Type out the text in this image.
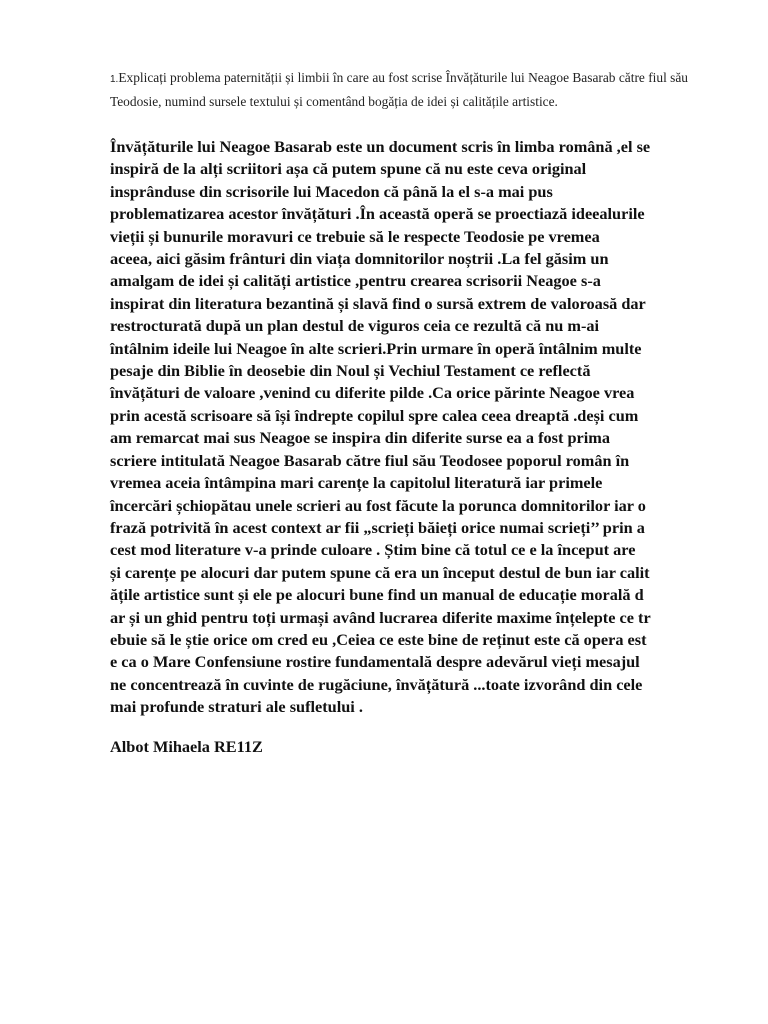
1.Explicați problema paternității și limbii în care au fost scrise Învățăturile lui Neagoe Basarab către fiul său Teodosie, numind sursele textului și comentând bogăția de idei și calitățile artistice.

Învățăturile lui Neagoe Basarab este un document scris în limba română ,el se
inspiră de la alți scriitori așa că putem spune că nu este ceva original
insprânduse din scrisorile lui Macedon că până la el s-a mai pus
problematizarea acestor învățături .În această operă se proectiază ideealurile
vieții și bunurile moravuri ce trebuie să le respecte Teodosie pe vremea
aceea, aici găsim frânturi din viața domnitorilor noștrii .La fel găsim un
amalgam de idei și calități artistice ,pentru crearea scrisorii Neagoe s-a
inspirat din literatura bezantină și slavă find o sursă extrem de valoroasă dar
restrocturată după un plan destul de viguros ceia ce rezultă că nu m-ai
întâlnim ideile lui Neagoe în alte scrieri.Prin urmare în operă întâlnim multe
pesaje din Biblie în deosebie din Noul și Vechiul Testament ce reflectă
învățături de valoare ,venind cu diferite pilde .Ca orice părinte Neagoe vrea
prin acestă scrisoare să își îndrepte copilul spre calea ceea dreaptă .deși cum
am remarcat mai sus Neagoe se inspira din diferite surse ea a fost prima
scriere intitulată Neagoe Basarab către fiul său Teodosee poporul român în
vremea aceia întâmpina mari carențe la capitolul literatură iar primele
încercări șchiopătau unele scrieri au fost făcute la porunca domnitorilor iar o
frază potrivită în acest context ar fii „scrieți băieți orice numai scrieți’’ prin a
cest mod literature v-a prinde culoare . Știm bine că totul ce e la început are
și carențe pe alocuri dar putem spune că era un început destul de bun iar calit
ățile artistice sunt și ele pe alocuri bune find un manual de educație morală d
ar și un ghid pentru toți urmași având lucrarea diferite maxime înțelepte ce tr
ebuie să le știe orice om cred eu ,Ceiea ce este bine de reținut este că opera est
e ca o Mare Confensiune rostire fundamentală despre adevărul vieți mesajul
ne concentrează în cuvinte de rugăciune, învățătură ...toate izvorând din cele
mai profunde straturi ale sufletului .

Albot Mihaela RE11Z
